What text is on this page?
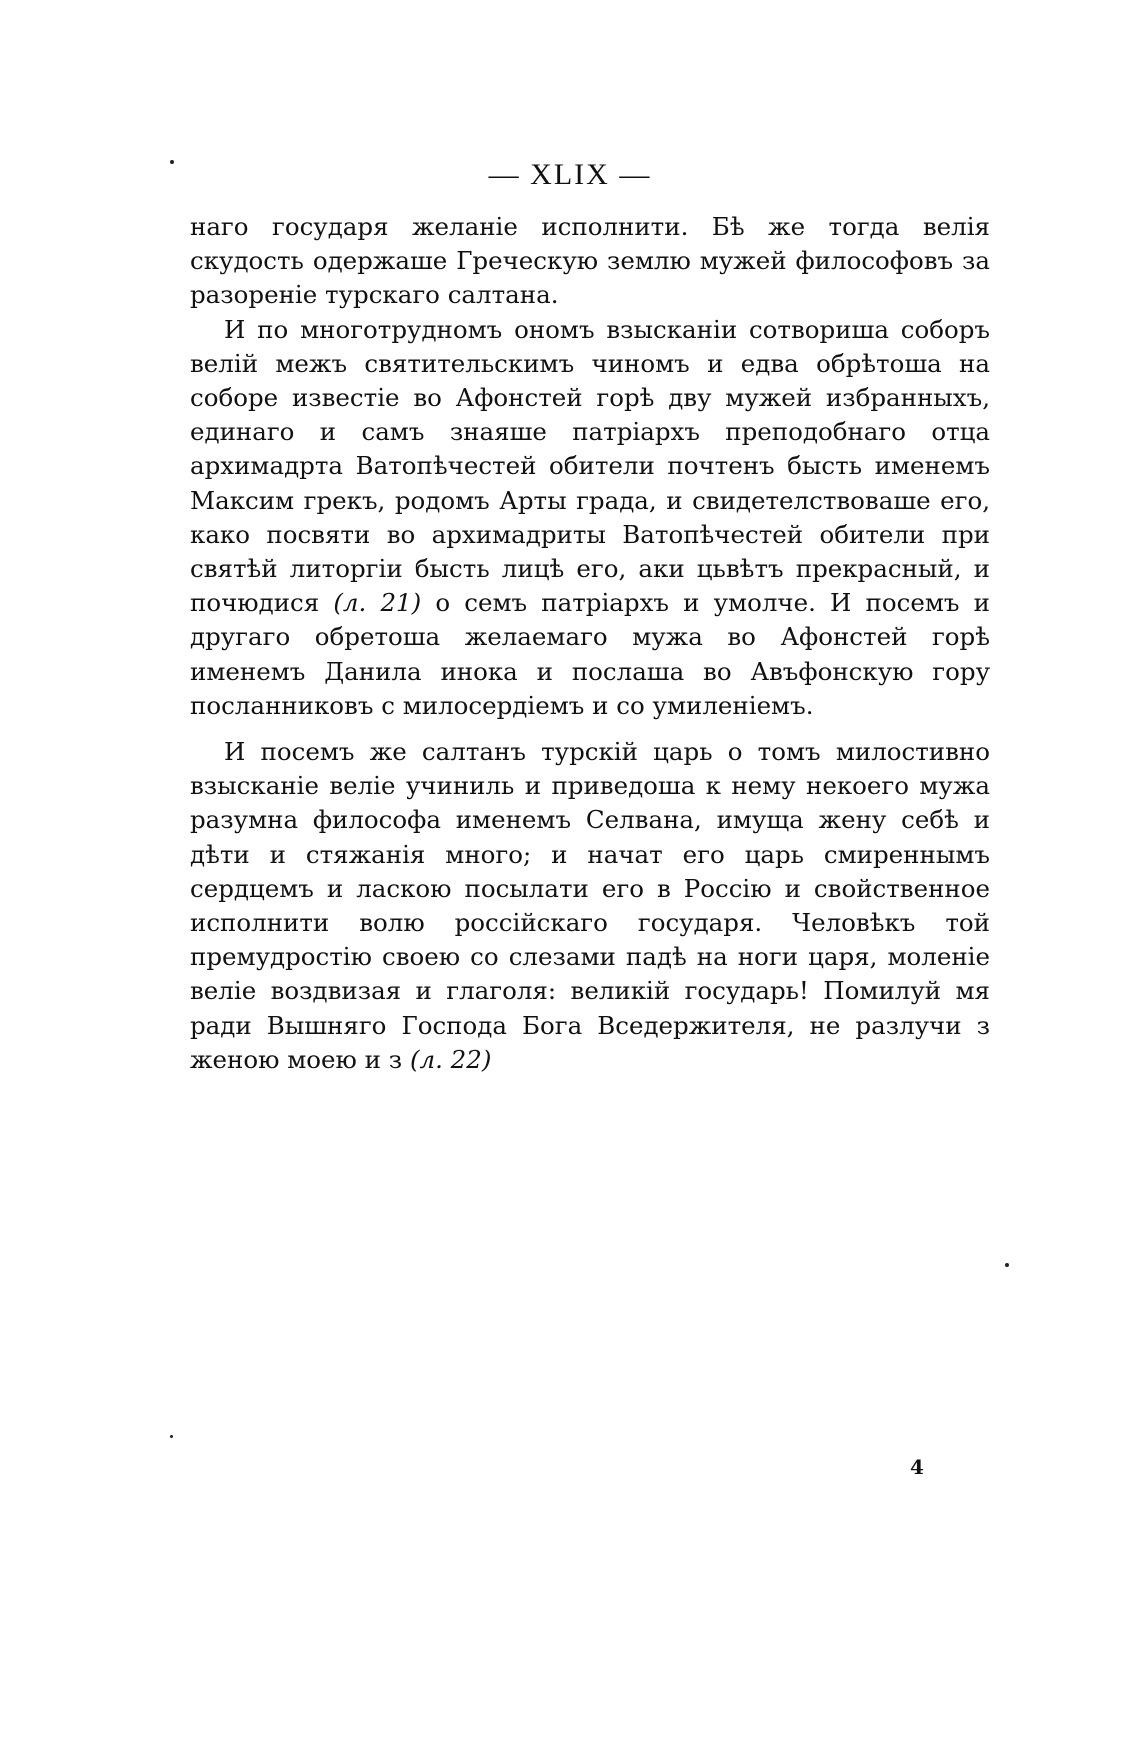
— XLIX —

наго государя желаніе исполнити. Бѣ же тогда велія скудость одержаше Греческую землю мужей философовъ за разореніе турскаго салтана.

И по многотрудномъ ономъ взысканіи сотвориша соборъ велій межъ святительскимъ чиномъ и едва обрѣтоша на соборе известіе во Афонстей горѣ дву мужей избранныхъ, единаго и самъ знаяше патріархъ преподобнаго отца архимадрта Ватопѣчестей обители почтенъ бысть именемъ Максим грекъ, родомъ Арты града, и свидетелствоваше его, како посвяти во архимадриты Ватопѣчестей обители при святѣй литоргіи бысть лицѣ его, аки цьвѣтъ прекрасный, и почюдися (л. 21) о семъ патріархъ и умолче. И посемъ и другаго обретоша желаемаго мужа во Афонстей горѣ именемъ Данила инока и послаша во Авъфонскую гору посланниковъ с милосердіемъ и со умиленіемъ.

И посемъ же салтанъ турскій царь о томъ милостивно взысканіе веліе учиниль и приведоша к нему некоего мужа разумна философа именемъ Селвана, имуща жену себѣ и дѣти и стяжанія много; и начат его царь смиреннымъ сердцемъ и ласкою посылати его в Россію и свойственное исполнити волю россійскаго государя. Человѣкъ той премудростію своею со слезами падѣ на ноги царя, моленіе веліе воздвизая и глаголя: великій государь! Помилуй мя ради Вышняго Господа Бога Вседержителя, не разлучи з женою моею и з (л. 22)

4
